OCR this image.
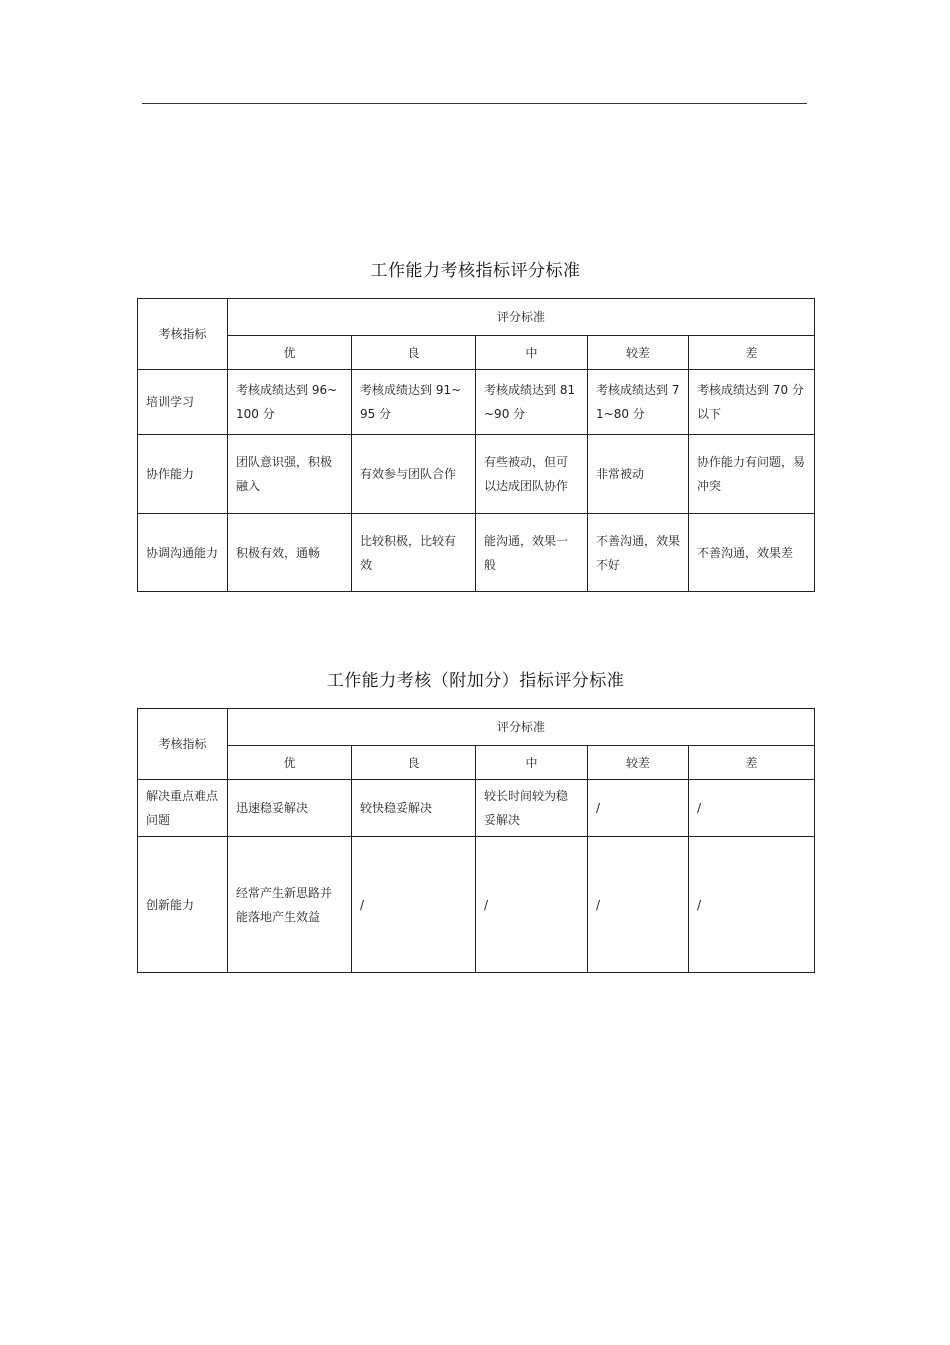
工作能力考核指标评分标准
考核指标	评分标准				
	优	良	中	较差	差
培训学习	考核成绩达到 96~100 分	考核成绩达到 91~95 分	考核成绩达到 81~90 分	考核成绩达到 71~80 分	考核成绩达到 70 分以下
协作能力	团队意识强，积极融入	有效参与团队合作	有些被动，但可以达成团队协作	非常被动	协作能力有问题，易冲突
协调沟通能力	积极有效，通畅	比较积极，比较有效	能沟通，效果一般	不善沟通，效果不好	不善沟通，效果差
工作能力考核（附加分）指标评分标准
考核指标	评分标准				
	优	良	中	较差	差
解决重点难点问题	迅速稳妥解决	较快稳妥解决	较长时间较为稳妥解决	/	/
创新能力	经常产生新思路并能落地产生效益	/	/	/	/
